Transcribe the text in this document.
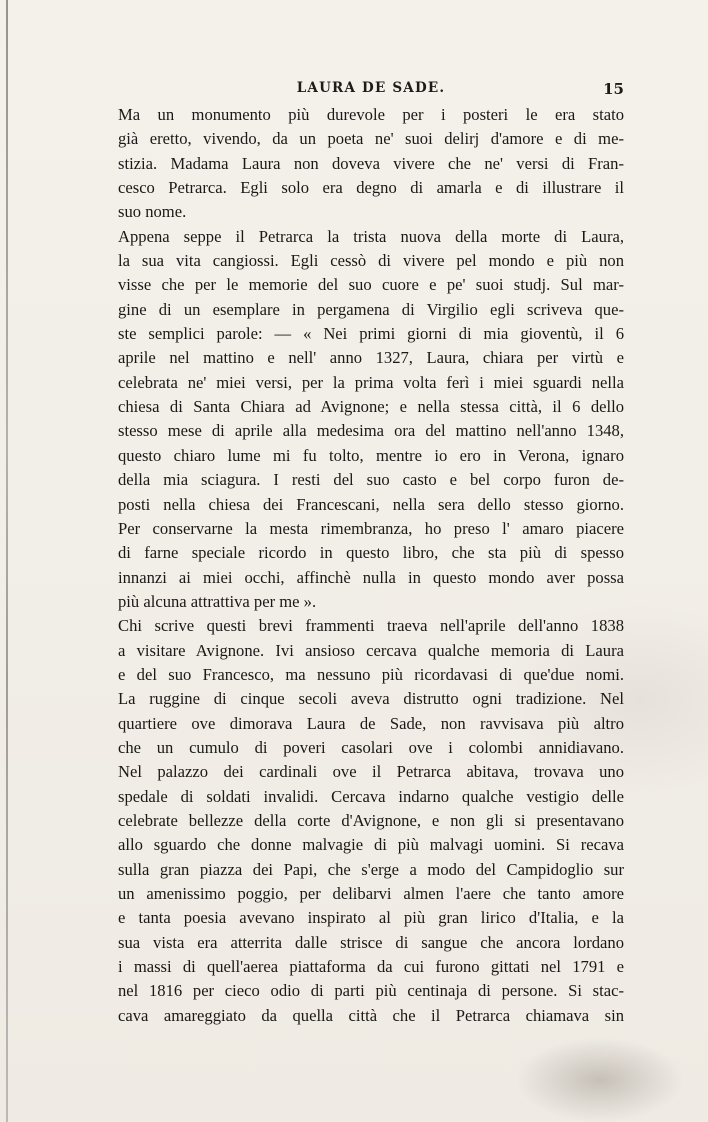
LAURA DE SADE.	15
Ma un monumento più durevole per i posteri le era stato
già eretto, vivendo, da un poeta ne' suoi delirj d'amore e di me-
stizia. Madama Laura non doveva vivere che ne' versi di Fran-
cesco Petrarca. Egli solo era degno di amarla e di illustrare il
suo nome.
Appena seppe il Petrarca la trista nuova della morte di Laura,
la sua vita cangiossi. Egli cessò di vivere pel mondo e più non
visse che per le memorie del suo cuore e pe' suoi studj. Sul mar-
gine di un esemplare in pergamena di Virgilio egli scriveva que-
ste semplici parole: — « Nei primi giorni di mia gioventù, il 6
aprile nel mattino e nell' anno 1327, Laura, chiara per virtù e
celebrata ne' miei versi, per la prima volta ferì i miei sguardi nella
chiesa di Santa Chiara ad Avignone; e nella stessa città, il 6 dello
stesso mese di aprile alla medesima ora del mattino nell'anno 1348,
questo chiaro lume mi fu tolto, mentre io ero in Verona, ignaro
della mia sciagura. I resti del suo casto e bel corpo furon de-
posti nella chiesa dei Francescani, nella sera dello stesso giorno.
Per conservarne la mesta rimembranza, ho preso l' amaro piacere
di farne speciale ricordo in questo libro, che sta più di spesso
innanzi ai miei occhi, affinchè nulla in questo mondo aver possa
più alcuna attrattiva per me ».
Chi scrive questi brevi frammenti traeva nell'aprile dell'anno 1838
a visitare Avignone. Ivi ansioso cercava qualche memoria di Laura
e del suo Francesco, ma nessuno più ricordavasi di que'due nomi.
La ruggine di cinque secoli aveva distrutto ogni tradizione. Nel
quartiere ove dimorava Laura de Sade, non ravvisava più altro
che un cumulo di poveri casolari ove i colombi annidiavano.
Nel palazzo dei cardinali ove il Petrarca abitava, trovava uno
spedale di soldati invalidi. Cercava indarno qualche vestigio delle
celebrate bellezze della corte d'Avignone, e non gli si presentavano
allo sguardo che donne malvagie di più malvagi uomini. Si recava
sulla gran piazza dei Papi, che s'erge a modo del Campidoglio sur
un amenissimo poggio, per delibarvi almen l'aere che tanto amore
e tanta poesia avevano inspirato al più gran lirico d'Italia, e la
sua vista era atterrita dalle strisce di sangue che ancora lordano
i massi di quell'aerea piattaforma da cui furono gittati nel 1791 e
nel 1816 per cieco odio di parti più centinaja di persone. Si stac-
cava amareggiato da quella città che il Petrarca chiamava sin
